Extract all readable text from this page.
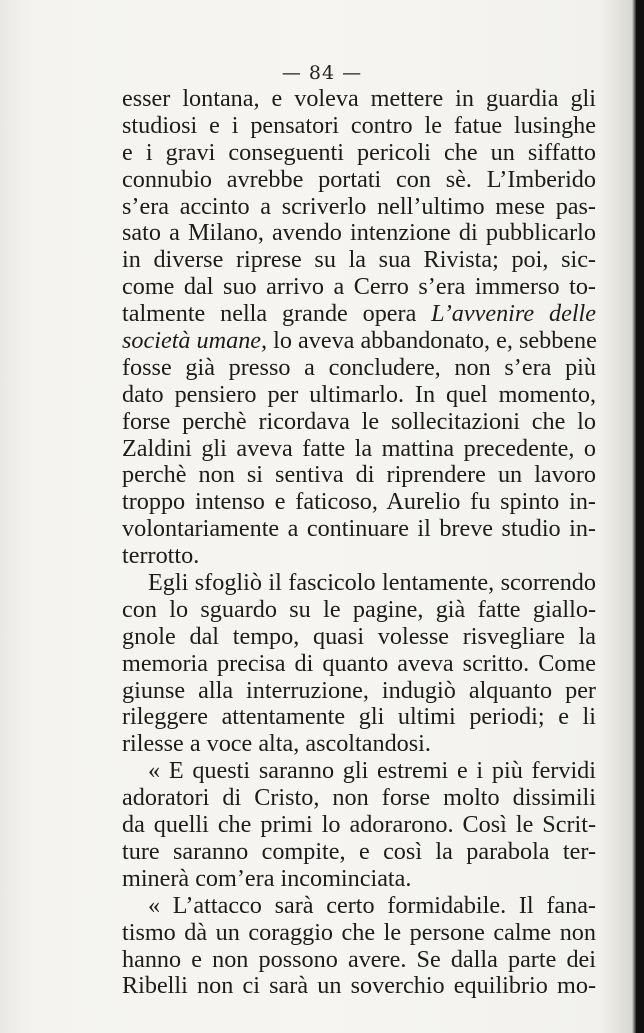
— 84 —
esser lontana, e voleva mettere in guardia gli
studiosi e i pensatori contro le fatue lusinghe
e i gravi conseguenti pericoli che un siffatto
connubio avrebbe portati con sè. L’Imberido
s’era accinto a scriverlo nell’ultimo mese pas-
sato a Milano, avendo intenzione di pubblicarlo
in diverse riprese su la sua Rivista; poi, sic-
come dal suo arrivo a Cerro s’era immerso to-
talmente nella grande opera L’avvenire delle
società umane, lo aveva abbandonato, e, sebbene
fosse già presso a concludere, non s’era più
dato pensiero per ultimarlo. In quel momento,
forse perchè ricordava le sollecitazioni che lo
Zaldini gli aveva fatte la mattina precedente, o
perchè non si sentiva di riprendere un lavoro
troppo intenso e faticoso, Aurelio fu spinto in-
volontariamente a continuare il breve studio in-
terrotto.
Egli sfogliò il fascicolo lentamente, scorrendo
con lo sguardo su le pagine, già fatte giallo-
gnole dal tempo, quasi volesse risvegliare la
memoria precisa di quanto aveva scritto. Come
giunse alla interruzione, indugiò alquanto per
rileggere attentamente gli ultimi periodi; e li
rilesse a voce alta, ascoltandosi.
« E questi saranno gli estremi e i più fervidi
adoratori di Cristo, non forse molto dissimili
da quelli che primi lo adorarono. Così le Scrit-
ture saranno compite, e così la parabola ter-
minerà com’era incominciata.
« L’attacco sarà certo formidabile. Il fana-
tismo dà un coraggio che le persone calme non
hanno e non possono avere. Se dalla parte dei
Ribelli non ci sarà un soverchio equilibrio mo-
